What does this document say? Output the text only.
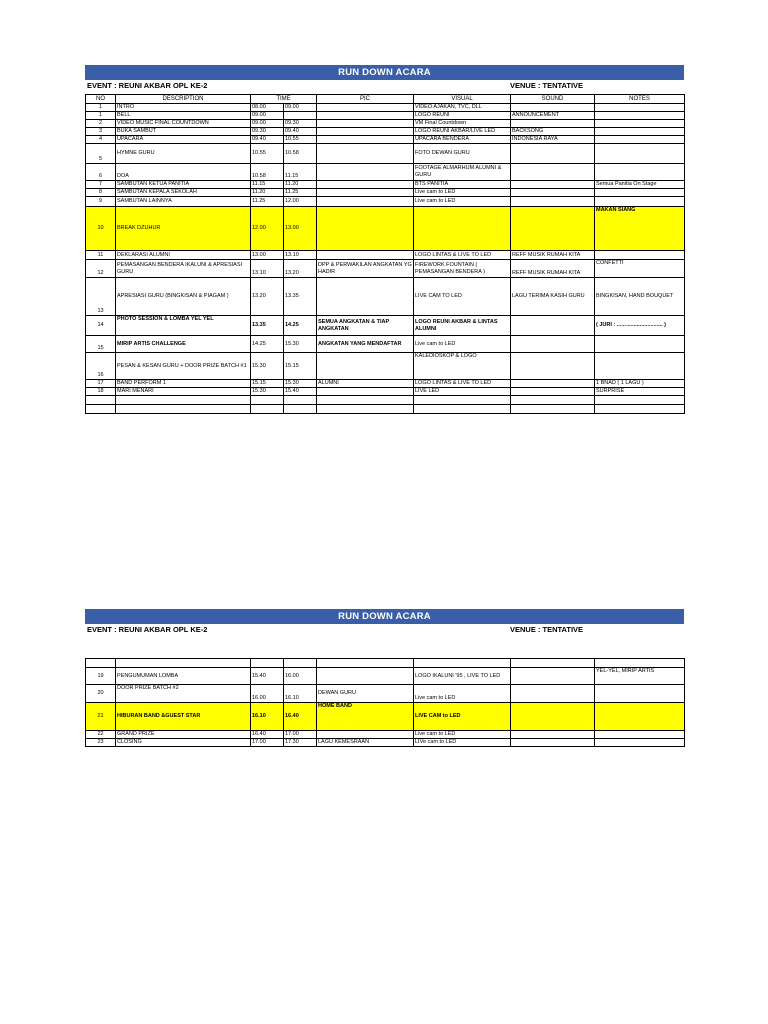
RUN DOWN ACARA
EVENT : REUNI AKBAR OPL KE-2	VENUE : TENTATIVE
NO	DESCRIPTION	TIME		PIC	VISUAL	SOUND	NOTES
1	INTRO	08.00	09.00		VIDEO AJAKAN, TVC, DLL		
1	BELL	09.00			LOGO REUNI	ANNOUNCEMENT	
2	VIDEO MUSIC FINAL COUNTDOWN	09.00	09.30		VM Final Countdown		
3	BUKA SAMBUT	09.30	09.40		LOGO REUNI AKBAR/LIVE LED	BACKSONG	
4	UPACARA	09.40	10.55		UPACARA BENDERA	INDONESIA RAYA	
5	HYMNE GURU	10.55	10.58		FOTO DEWAN GURU		
6	DOA	10.58	11.15		FOOTAGE ALMARHUM ALUMNI & GURU		
7	SAMBUTAN KETUA PANITIA	11.15	11.20		BTS PANITIA		Semua Panitia On Stage
8	SAMBUTAN KEPALA SEKOLAH	11.20	11.25		Live cam to LED		
9	SAMBUTAN LAINNYA	11.25	12.00		Live cam to LED		
10	BREAK DZUHUR	12.00	13.00				MAKAN SIANG
11	DEKLARASI ALUMNI	13.00	13.10		LOGO LINTAS & LIVE TO LED	REFF MUSIK RUMAH KITA	
12	PEMASANGAN BENDERA IKALUNI & APRESIASI GURU	13.10	13.20	DPP & PERWAKILAN ANGKATAN YG HADIR	FIREWORK FOUNTAIN ( PEMASANGAN BENDERA )	REFF MUSIK RUMAH KITA	CONFETTI
13	APRESIASI GURU (BINGKISAN & PIAGAM )	13.20	13.35		LIVE CAM TO LED	LAGU TERIMA KASIH GURU	BINGKISAN, HAND BOUQUET
14	PHOTO SESSION & LOMBA YEL YEL	13.35	14.25	SEMUA ANGKATAN & TIAP ANGKATAN	LOGO REUNI AKBAR & LINTAS ALUMNI		( JURI : .............................. )
15	MIRIP ARTIS CHALLENGE	14.25	15.30	ANGKATAN YANG MENDAFTAR	Live cam to LED		
16	PESAN & KESAN GURU + DOOR PRIZE BATCH #1	15.30	15.15		KALEDIOSKOP & LOGO		
17	BAND PERFORM 1	15.15	15.30	ALUMNI	LOGO LINTAS & LIVE TO LED		1 BNAD ( 1 LAGU )
18	MARI MENARI	15.30	15.40		LIVE LED		SURPRISE

RUN DOWN ACARA
EVENT : REUNI AKBAR OPL KE-2	VENUE : TENTATIVE

19	PENGUMUMAN LOMBA	15.40	16.00		LOGO IKALUNI '95 , LIVE TO LED		YEL-YEL, MIRIP ARTIS
20	DOOR PRIZE BATCH #2	16.00	16.10	DEWAN GURU	Live cam to LED		
21	HIBURAN BAND &GUEST STAR	16.10	16.40	HOME BAND	LIVE CAM to LED		
22	GRAND PRIZE	16.40	17.00		Live cam to LED		
23	CLOSING	17.00	17.30	LAGU KEMESRAAN	LIVe cam to LED		
